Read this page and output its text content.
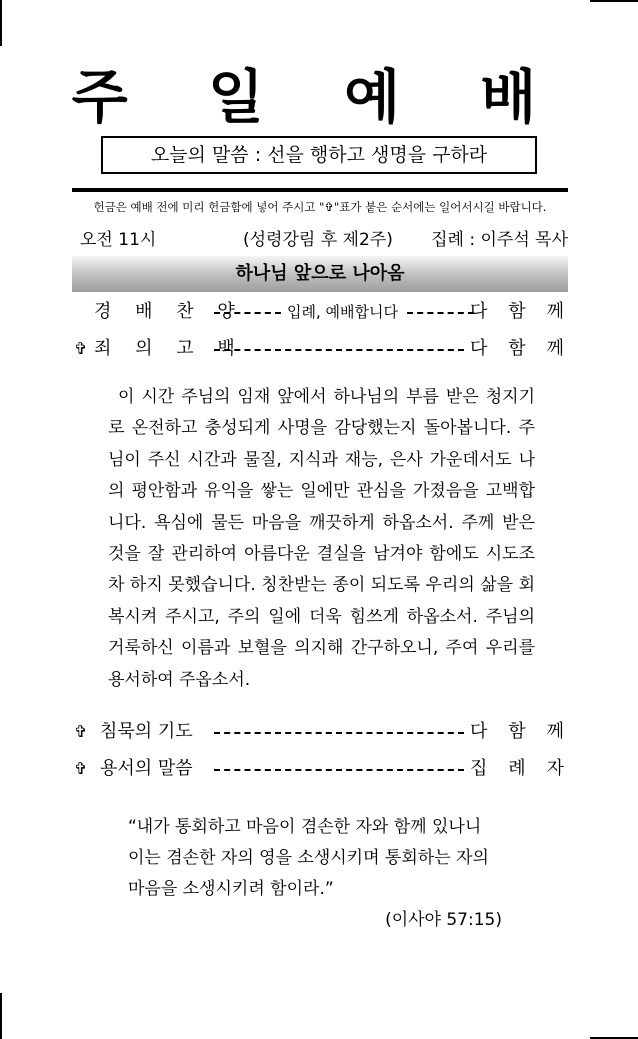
주 일 예 배
오늘의 말씀 : 선을 행하고 생명을 구하라
헌금은 예배 전에 미리 헌금함에 넣어 주시고 "✞"표가 붙은 순서에는 일어서시길 바랍니다.
오전 11시	(성령강림 후 제2주) 집례 : 이주석 목사
하나님 앞으로 나아옴
경 배 찬 양	입례, 예배합니다	다 함 께
✞ 죄 의 고 백	다 함 께
이 시간 주님의 임재 앞에서 하나님의 부름 받은 청지기로 온전하고 충성되게 사명을 감당했는지 돌아봅니다. 주님이 주신 시간과 물질, 지식과 재능, 은사 가운데서도 나의 평안함과 유익을 쌓는 일에만 관심을 가졌음을 고백합니다. 욕심에 물든 마음을 깨끗하게 하옵소서. 주께 받은 것을 잘 관리하여 아름다운 결실을 남겨야 함에도 시도조차 하지 못했습니다. 칭찬받는 종이 되도록 우리의 삶을 회복시켜 주시고, 주의 일에 더욱 힘쓰게 하옵소서. 주님의 거룩하신 이름과 보혈을 의지해 간구하오니, 주여 우리를 용서하여 주옵소서.
✞ 침묵의 기도	다 함 께
✞ 용서의 말씀	집 례 자

“내가 통회하고 마음이 겸손한 자와 함께 있나니

이는 겸손한 자의 영을 소생시키며 통회하는 자의

마음을 소생시키려 함이라.”

(이사야 57:15)
